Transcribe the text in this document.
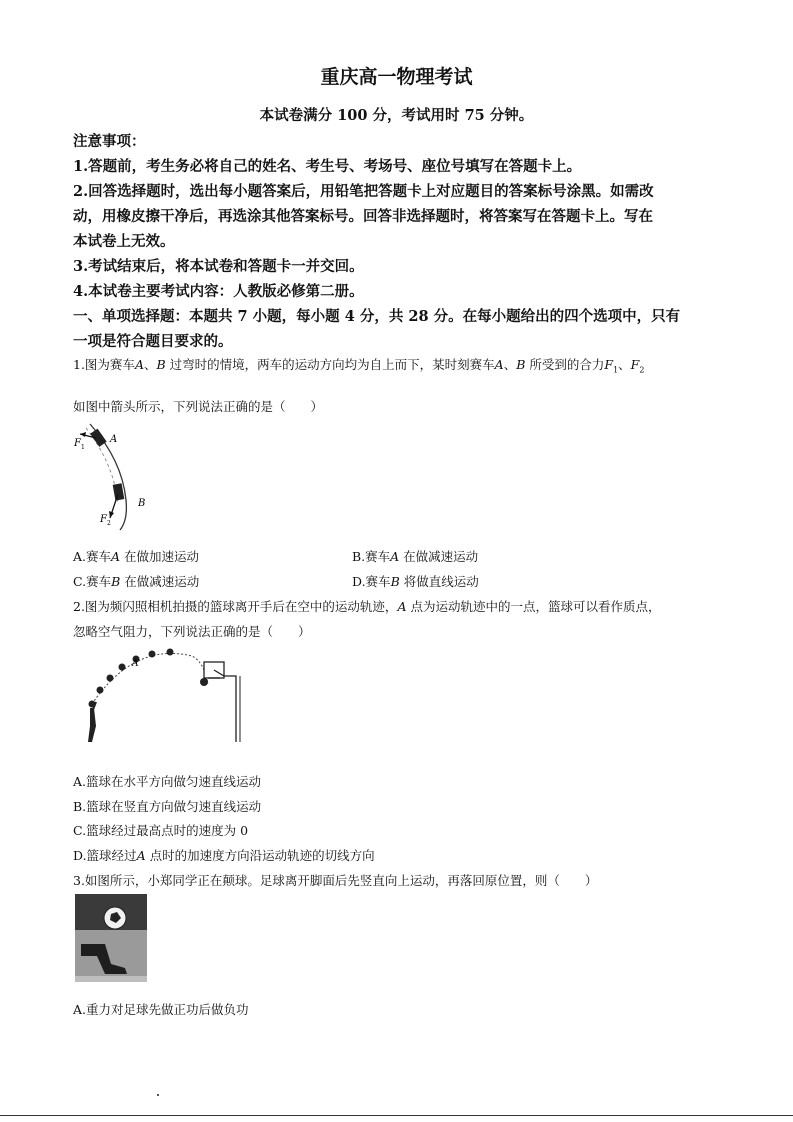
重庆高一物理考试
本试卷满分 100 分，考试用时 75 分钟。
注意事项：
1.答题前，考生务必将自己的姓名、考生号、考场号、座位号填写在答题卡上。
2.回答选择题时，选出每小题答案后，用铅笔把答题卡上对应题目的答案标号涂黑。如需改
动，用橡皮擦干净后，再选涂其他答案标号。回答非选择题时，将答案写在答题卡上。写在
本试卷上无效。
3.考试结束后，将本试卷和答题卡一并交回。
4.本试卷主要考试内容：人教版必修第二册。
一、单项选择题：本题共 7 小题，每小题 4 分，共 28 分。在每小题给出的四个选项中，只有
一项是符合题目要求的。
1.图为赛车A、B 过弯时的情境，两车的运动方向均为自上而下，某时刻赛车A、B 所受到的合力$F_1$、$F_2$
如图中箭头所示，下列说法正确的是（　　）
A
B
F 1
F 2
A.赛车A 在做加速运动	B.赛车A 在做减速运动
C.赛车B 在做减速运动	D.赛车B 将做直线运动
2.图为频闪照相机拍摄的篮球离开手后在空中的运动轨迹，A 点为运动轨迹中的一点，篮球可以看作质点，
忽略空气阻力，下列说法正确的是（　　）
A
A.篮球在水平方向做匀速直线运动
B.篮球在竖直方向做匀速直线运动
C.篮球经过最高点时的速度为 0
D.篮球经过A 点时的加速度方向沿运动轨迹的切线方向
3.如图所示，小郑同学正在颠球。足球离开脚面后先竖直向上运动，再落回原位置，则（　　）
A.重力对足球先做正功后做负功
